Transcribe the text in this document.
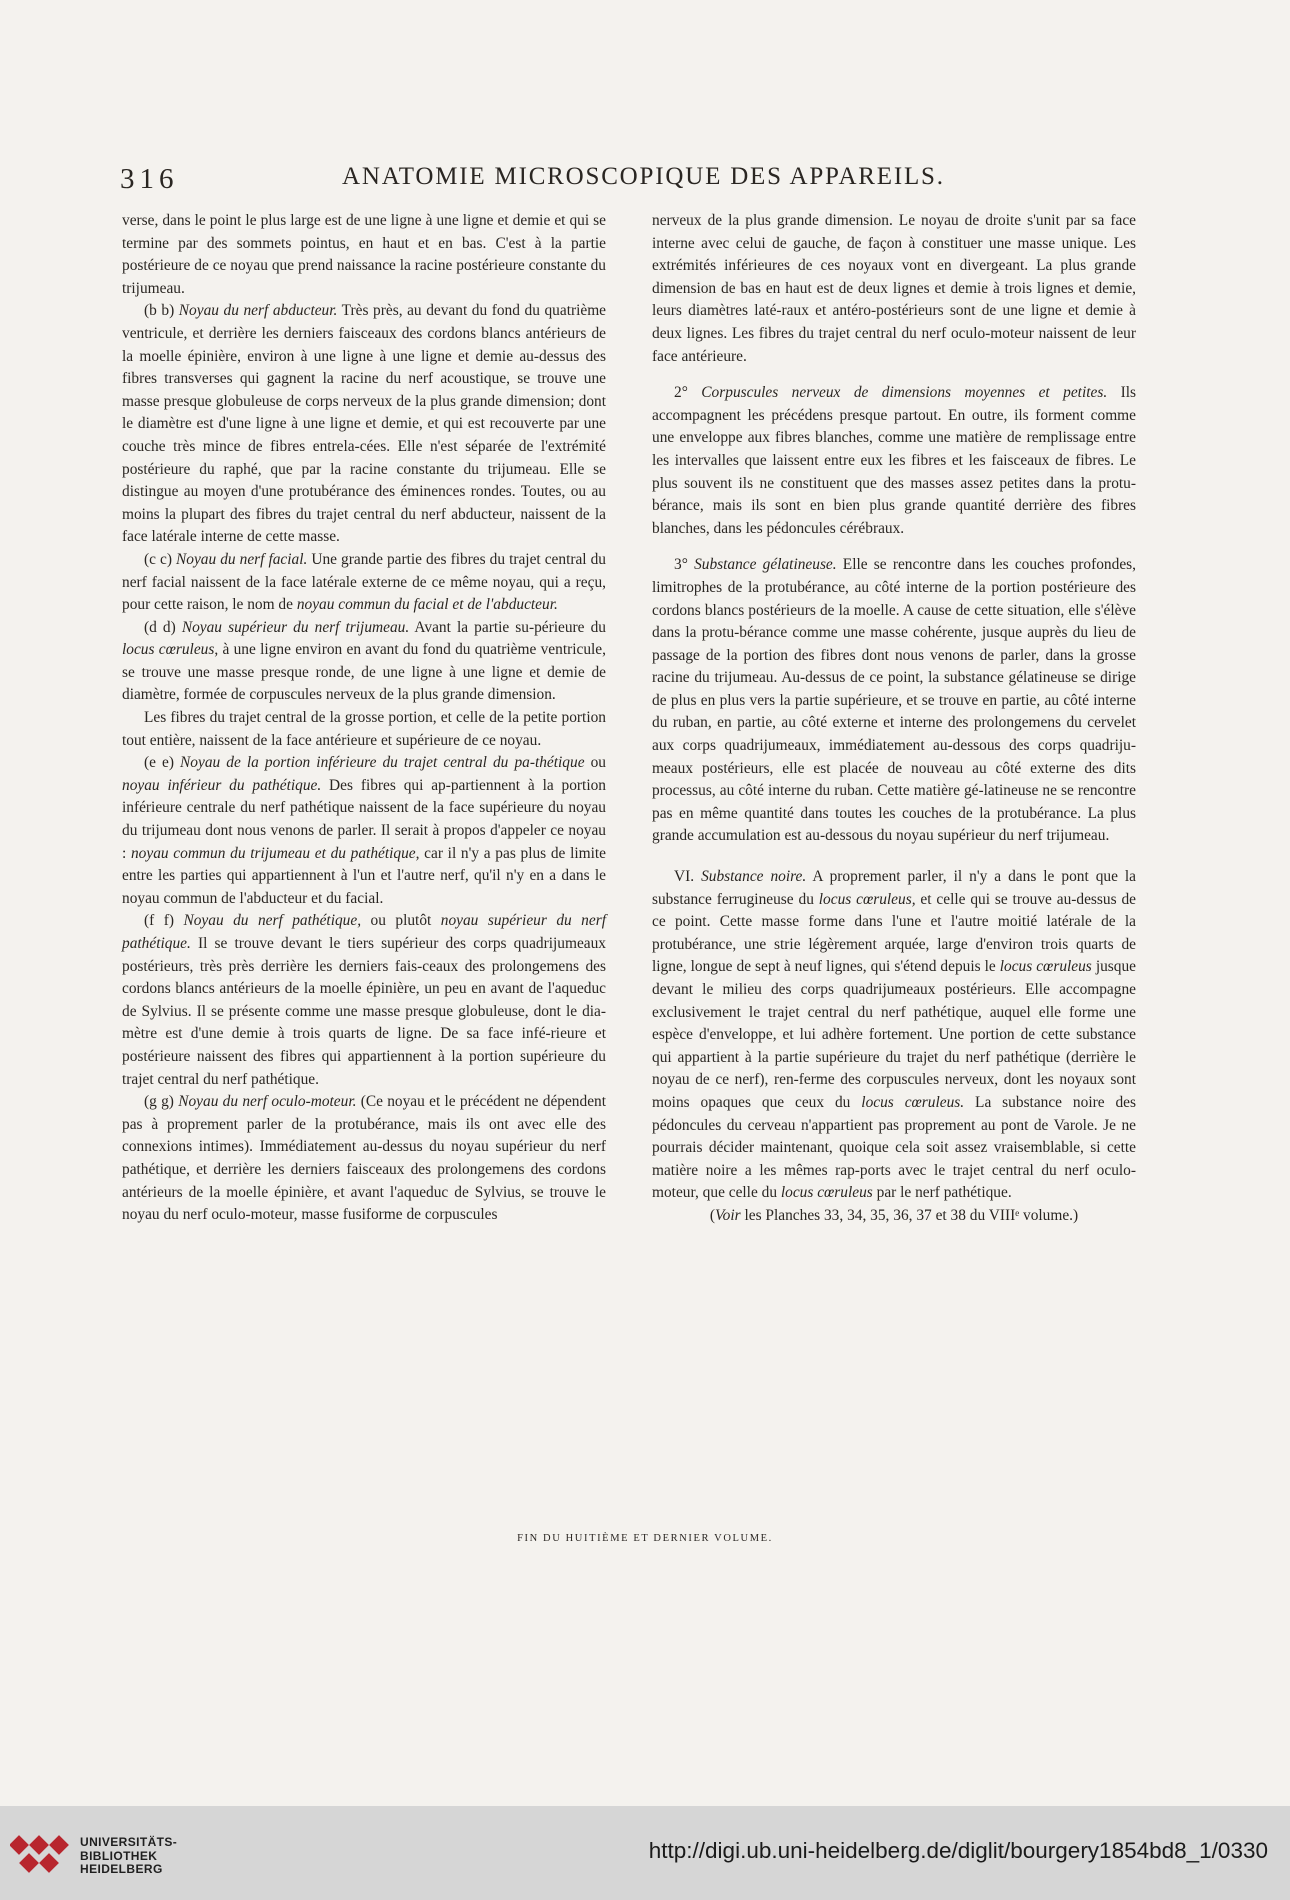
316	ANATOMIE MICROSCOPIQUE DES APPAREILS.

verse, dans le point le plus large est de une ligne à une ligne et demie et qui se termine par des sommets pointus, en haut et en bas. C'est à la partie postérieure de ce noyau que prend naissance la racine postérieure constante du trijumeau.

(b b) Noyau du nerf abducteur. Très près, au devant du fond du quatrième ventricule, et derrière les derniers faisceaux des cordons blancs antérieurs de la moelle épinière, environ à une ligne à une ligne et demie au-dessus des fibres transverses qui gagnent la racine du nerf acoustique, se trouve une masse presque globuleuse de corps nerveux de la plus grande dimension; dont le diamètre est d'une ligne à une ligne et demie, et qui est recouverte par une couche très mince de fibres entrela-cées. Elle n'est séparée de l'extrémité postérieure du raphé, que par la racine constante du trijumeau. Elle se distingue au moyen d'une protubérance des éminences rondes. Toutes, ou au moins la plupart des fibres du trajet central du nerf abducteur, naissent de la face latérale interne de cette masse.

(c c) Noyau du nerf facial. Une grande partie des fibres du trajet central du nerf facial naissent de la face latérale externe de ce même noyau, qui a reçu, pour cette raison, le nom de noyau commun du facial et de l'abducteur.

(d d) Noyau supérieur du nerf trijumeau. Avant la partie su-périeure du locus cœruleus, à une ligne environ en avant du fond du quatrième ventricule, se trouve une masse presque ronde, de une ligne à une ligne et demie de diamètre, formée de corpuscules nerveux de la plus grande dimension.

Les fibres du trajet central de la grosse portion, et celle de la petite portion tout entière, naissent de la face antérieure et supérieure de ce noyau.

(e e) Noyau de la portion inférieure du trajet central du pa-thétique ou noyau inférieur du pathétique. Des fibres qui ap-partiennent à la portion inférieure centrale du nerf pathétique naissent de la face supérieure du noyau du trijumeau dont nous venons de parler. Il serait à propos d'appeler ce noyau : noyau commun du trijumeau et du pathétique, car il n'y a pas plus de limite entre les parties qui appartiennent à l'un et l'autre nerf, qu'il n'y en a dans le noyau commun de l'abducteur et du facial.

(f f) Noyau du nerf pathétique, ou plutôt noyau supérieur du nerf pathétique. Il se trouve devant le tiers supérieur des corps quadrijumeaux postérieurs, très près derrière les derniers fais-ceaux des prolongemens des cordons blancs antérieurs de la moelle épinière, un peu en avant de l'aqueduc de Sylvius. Il se présente comme une masse presque globuleuse, dont le dia-mètre est d'une demie à trois quarts de ligne. De sa face infé-rieure et postérieure naissent des fibres qui appartiennent à la portion supérieure du trajet central du nerf pathétique.

(g g) Noyau du nerf oculo-moteur. (Ce noyau et le précédent ne dépendent pas à proprement parler de la protubérance, mais ils ont avec elle des connexions intimes). Immédiatement au-dessus du noyau supérieur du nerf pathétique, et derrière les derniers faisceaux des prolongemens des cordons antérieurs de la moelle épinière, et avant l'aqueduc de Sylvius, se trouve le noyau du nerf oculo-moteur, masse fusiforme de corpuscules

nerveux de la plus grande dimension. Le noyau de droite s'unit par sa face interne avec celui de gauche, de façon à constituer une masse unique. Les extrémités inférieures de ces noyaux vont en divergeant. La plus grande dimension de bas en haut est de deux lignes et demie à trois lignes et demie, leurs diamètres laté-raux et antéro-postérieurs sont de une ligne et demie à deux lignes. Les fibres du trajet central du nerf oculo-moteur naissent de leur face antérieure.

2° Corpuscules nerveux de dimensions moyennes et petites. Ils accompagnent les précédens presque partout. En outre, ils forment comme une enveloppe aux fibres blanches, comme une matière de remplissage entre les intervalles que laissent entre eux les fibres et les faisceaux de fibres. Le plus souvent ils ne constituent que des masses assez petites dans la protu-bérance, mais ils sont en bien plus grande quantité derrière des fibres blanches, dans les pédoncules cérébraux.

3° Substance gélatineuse. Elle se rencontre dans les couches profondes, limitrophes de la protubérance, au côté interne de la portion postérieure des cordons blancs postérieurs de la moelle. A cause de cette situation, elle s'élève dans la protu-bérance comme une masse cohérente, jusque auprès du lieu de passage de la portion des fibres dont nous venons de parler, dans la grosse racine du trijumeau. Au-dessus de ce point, la substance gélatineuse se dirige de plus en plus vers la partie supérieure, et se trouve en partie, au côté interne du ruban, en partie, au côté externe et interne des prolongemens du cervelet aux corps quadrijumeaux, immédiatement au-dessous des corps quadriju-meaux postérieurs, elle est placée de nouveau au côté externe des dits processus, au côté interne du ruban. Cette matière gé-latineuse ne se rencontre pas en même quantité dans toutes les couches de la protubérance. La plus grande accumulation est au-dessous du noyau supérieur du nerf trijumeau.

VI. Substance noire. A proprement parler, il n'y a dans le pont que la substance ferrugineuse du locus cœruleus, et celle qui se trouve au-dessus de ce point. Cette masse forme dans l'une et l'autre moitié latérale de la protubérance, une strie légèrement arquée, large d'environ trois quarts de ligne, longue de sept à neuf lignes, qui s'étend depuis le locus cœruleus jusque devant le milieu des corps quadrijumeaux postérieurs. Elle accompagne exclusivement le trajet central du nerf pathétique, auquel elle forme une espèce d'enveloppe, et lui adhère fortement. Une portion de cette substance qui appartient à la partie supérieure du trajet du nerf pathétique (derrière le noyau de ce nerf), ren-ferme des corpuscules nerveux, dont les noyaux sont moins opaques que ceux du locus cœruleus. La substance noire des pédoncules du cerveau n'appartient pas proprement au pont de Varole. Je ne pourrais décider maintenant, quoique cela soit assez vraisemblable, si cette matière noire a les mêmes rap-ports avec le trajet central du nerf oculo-moteur, que celle du locus cœruleus par le nerf pathétique.

(Voir les Planches 33, 34, 35, 36, 37 et 38 du VIIIᵉ volume.)

FIN DU HUITIÈME ET DERNIER VOLUME.
UNIVERSITÄTS-
BIBLIOTHEK
HEIDELBERG
http://digi.ub.uni-heidelberg.de/diglit/bourgery1854bd8_1/0330
